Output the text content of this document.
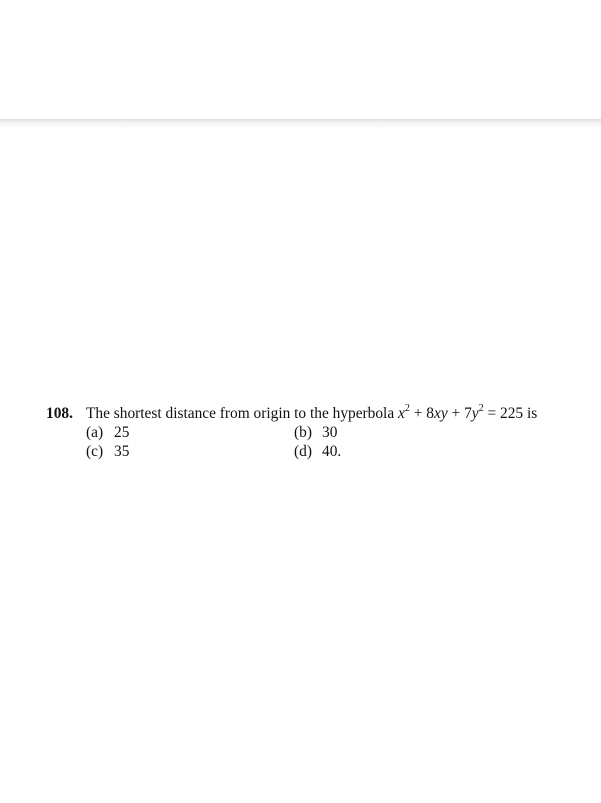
108. The shortest distance from origin to the hyperbola $x^2 + 8xy + 7y^2 = 225$ is
(a) 25	(b) 30
(c) 35	(d) 40.
